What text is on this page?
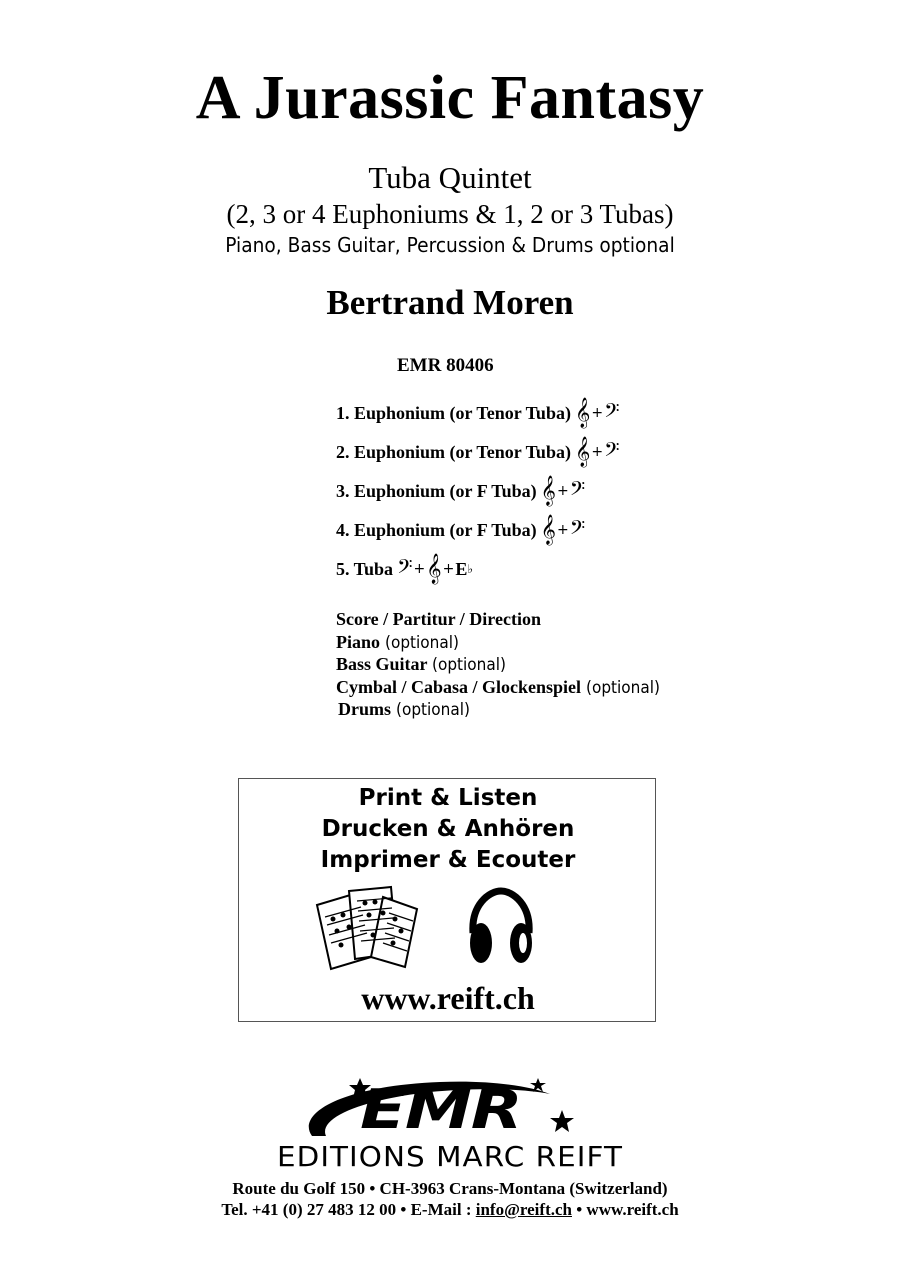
A Jurassic Fantasy
Tuba Quintet
(2, 3 or 4 Euphoniums & 1, 2 or 3 Tubas)
Piano, Bass Guitar, Percussion & Drums optional
Bertrand Moren
EMR 80406
1. Euphonium (or Tenor Tuba) 𝄞 + 𝄢
2. Euphonium (or Tenor Tuba) 𝄞 + 𝄢
3. Euphonium (or F Tuba) 𝄞 + 𝄢
4. Euphonium (or F Tuba) 𝄞 + 𝄢
5. Tuba 𝄢 + 𝄞 + E ♭
Score / Partitur / Direction
Piano (optional)
Bass Guitar (optional)
Cymbal / Cabasa / Glockenspiel (optional)
Drums (optional)
Print & Listen
Drucken & Anhören
Imprimer & Ecouter
www.reift.ch
EMR
EDITIONS MARC REIFT
Route du Golf 150 • CH-3963 Crans-Montana (Switzerland)
Tel. +41 (0) 27 483 12 00 • E-Mail : info@reift.ch • www.reift.ch
